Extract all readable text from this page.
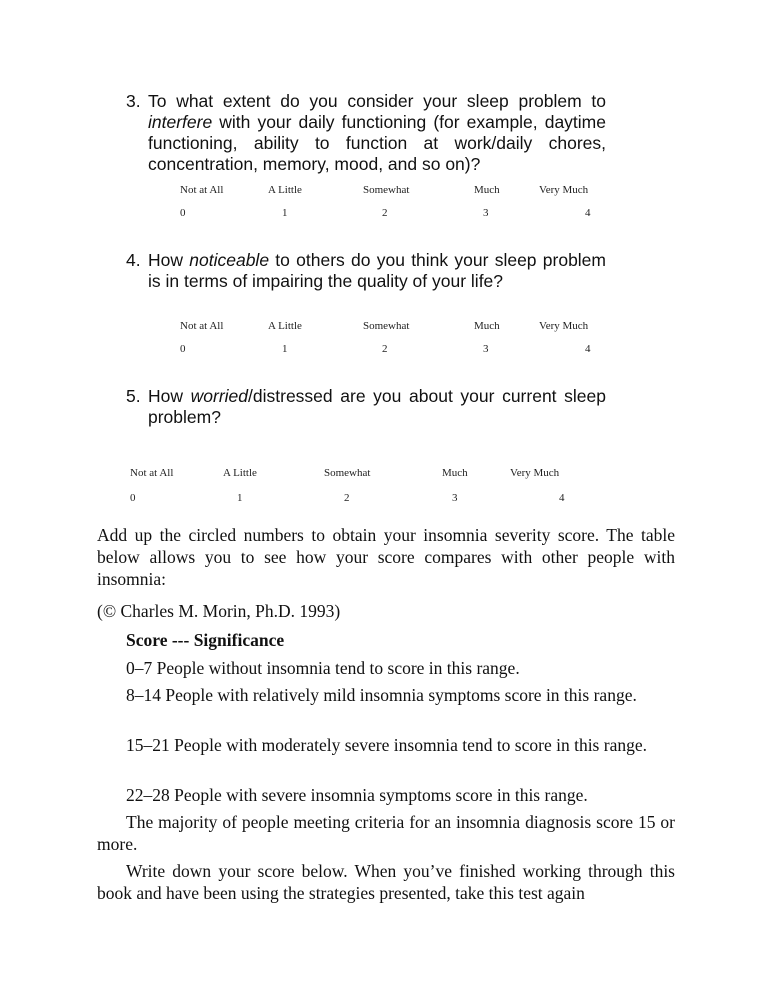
3. To what extent do you consider your sleep problem to interfere with your daily functioning (for example, daytime functioning, ability to function at work/daily chores, concentration, memory, mood, and so on)?
Not at All	A Little	Somewhat	Much	Very Much
0	1	2	3	4
4. How noticeable to others do you think your sleep problem is in terms of impairing the quality of your life?
Not at All	A Little	Somewhat	Much	Very Much
0	1	2	3	4
5. How worried/distressed are you about your current sleep problem?
Not at All	A Little	Somewhat	Much	Very Much
0	1	2	3	4
Add up the circled numbers to obtain your insomnia severity score. The table below allows you to see how your score compares with other people with insomnia:
(© Charles M. Morin, Ph.D. 1993)
Score --- Significance
0–7 People without insomnia tend to score in this range.
8–14 People with relatively mild insomnia symptoms score in this range.
15–21 People with moderately severe insomnia tend to score in this range.
22–28 People with severe insomnia symptoms score in this range.
The majority of people meeting criteria for an insomnia diagnosis score 15 or more.
Write down your score below. When you’ve finished working through this book and have been using the strategies presented, take this test again
